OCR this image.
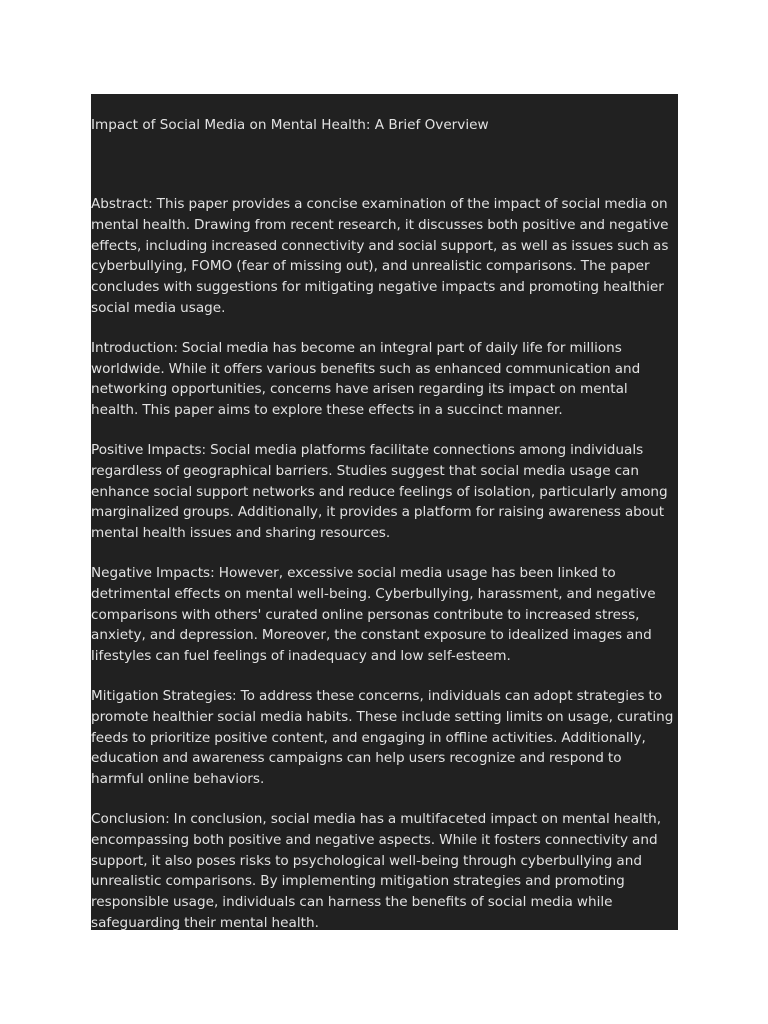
Impact of Social Media on Mental Health: A Brief Overview

Abstract: This paper provides a concise examination of the impact of social media on mental health. Drawing from recent research, it discusses both positive and negative effects, including increased connectivity and social support, as well as issues such as cyberbullying, FOMO (fear of missing out), and unrealistic comparisons. The paper concludes with suggestions for mitigating negative impacts and promoting healthier social media usage.

Introduction: Social media has become an integral part of daily life for millions worldwide. While it offers various benefits such as enhanced communication and networking opportunities, concerns have arisen regarding its impact on mental health. This paper aims to explore these effects in a succinct manner.

Positive Impacts: Social media platforms facilitate connections among individuals regardless of geographical barriers. Studies suggest that social media usage can enhance social support networks and reduce feelings of isolation, particularly among marginalized groups. Additionally, it provides a platform for raising awareness about mental health issues and sharing resources.

Negative Impacts: However, excessive social media usage has been linked to detrimental effects on mental well-being. Cyberbullying, harassment, and negative comparisons with others' curated online personas contribute to increased stress, anxiety, and depression. Moreover, the constant exposure to idealized images and lifestyles can fuel feelings of inadequacy and low self-esteem.

Mitigation Strategies: To address these concerns, individuals can adopt strategies to promote healthier social media habits. These include setting limits on usage, curating feeds to prioritize positive content, and engaging in offline activities. Additionally, education and awareness campaigns can help users recognize and respond to harmful online behaviors.

Conclusion: In conclusion, social media has a multifaceted impact on mental health, encompassing both positive and negative aspects. While it fosters connectivity and support, it also poses risks to psychological well-being through cyberbullying and unrealistic comparisons. By implementing mitigation strategies and promoting responsible usage, individuals can harness the benefits of social media while safeguarding their mental health.
